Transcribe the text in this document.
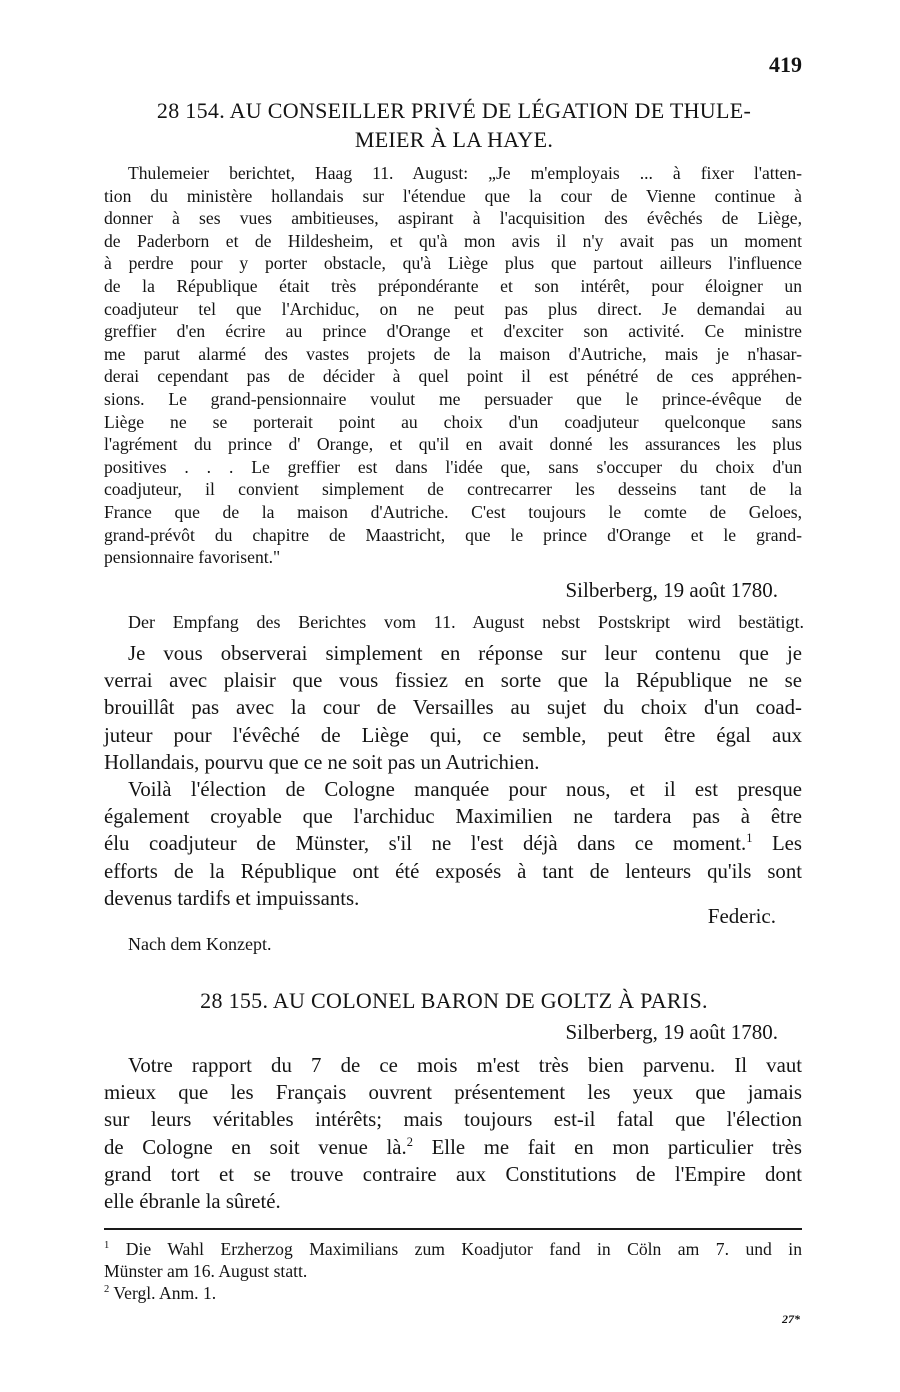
419
28 154. AU CONSEILLER PRIVÉ DE LÉGATION DE THULE-
MEIER À LA HAYE.
Thulemeier berichtet, Haag 11. August: „Je m'employais ... à fixer l'atten-
tion du ministère hollandais sur l'étendue que la cour de Vienne continue à
donner à ses vues ambitieuses, aspirant à l'acquisition des évêchés de Liège,
de Paderborn et de Hildesheim, et qu'à mon avis il n'y avait pas un moment
à perdre pour y porter obstacle, qu'à Liège plus que partout ailleurs l'influence
de la République était très prépondérante et son intérêt, pour éloigner un
coadjuteur tel que l'Archiduc, on ne peut pas plus direct. Je demandai au
greffier d'en écrire au prince d'Orange et d'exciter son activité. Ce ministre
me parut alarmé des vastes projets de la maison d'Autriche, mais je n'hasar-
derai cependant pas de décider à quel point il est pénétré de ces appréhen-
sions. Le grand-pensionnaire voulut me persuader que le prince-évêque de
Liège ne se porterait point au choix d'un coadjuteur quelconque sans
l'agrément du prince d' Orange, et qu'il en avait donné les assurances les plus
positives . . . Le greffier est dans l'idée que, sans s'occuper du choix d'un
coadjuteur, il convient simplement de contrecarrer les desseins tant de la
France que de la maison d'Autriche. C'est toujours le comte de Geloes,
grand-prévôt du chapitre de Maastricht, que le prince d'Orange et le grand-
pensionnaire favorisent."
Silberberg, 19 août 1780.
Der Empfang des Berichtes vom 11. August nebst Postskript wird bestätigt.
Je vous observerai simplement en réponse sur leur contenu que je
verrai avec plaisir que vous fissiez en sorte que la République ne se
brouillât pas avec la cour de Versailles au sujet du choix d'un coad-
juteur pour l'évêché de Liège qui, ce semble, peut être égal aux
Hollandais, pourvu que ce ne soit pas un Autrichien.
Voilà l'élection de Cologne manquée pour nous, et il est presque
également croyable que l'archiduc Maximilien ne tardera pas à être
élu coadjuteur de Münster, s'il ne l'est déjà dans ce moment.$^1$ Les
efforts de la République ont été exposés à tant de lenteurs qu'ils sont
devenus tardifs et impuissants.
Federic.
Nach dem Konzept.
28 155. AU COLONEL BARON DE GOLTZ À PARIS.
Silberberg, 19 août 1780.
Votre rapport du 7 de ce mois m'est très bien parvenu. Il vaut
mieux que les Français ouvrent présentement les yeux que jamais
sur leurs véritables intérêts; mais toujours est-il fatal que l'élection
de Cologne en soit venue là.$^2$ Elle me fait en mon particulier très
grand tort et se trouve contraire aux Constitutions de l'Empire dont
elle ébranle la sûreté.
$^1$ Die Wahl Erzherzog Maximilians zum Koadjutor fand in Cöln am 7. und in
Münster am 16. August statt.
$^2$ Vergl. Anm. 1.
27*
